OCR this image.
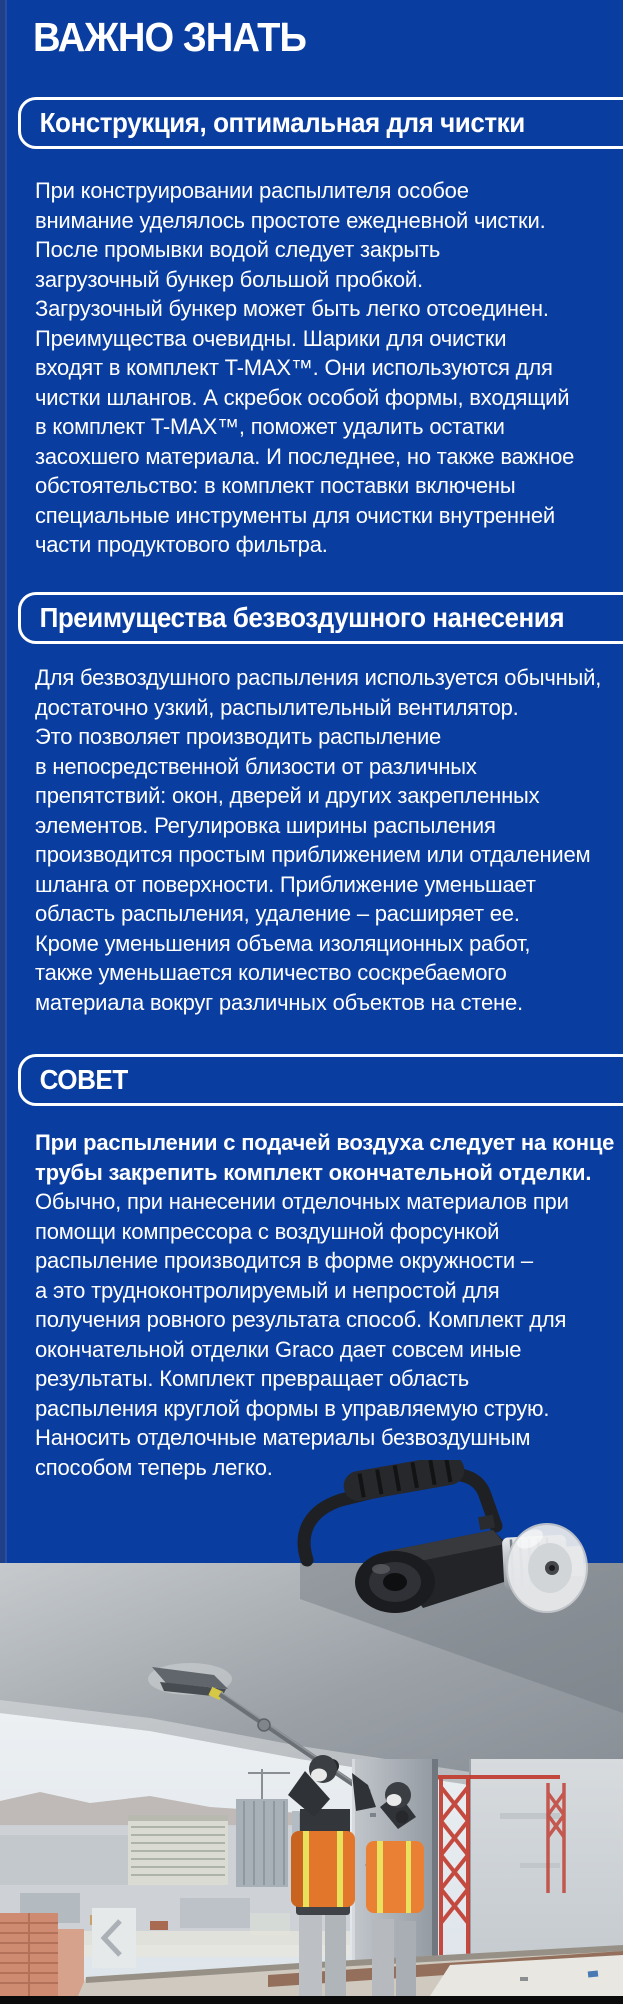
ВАЖНО ЗНАТЬ
Конструкция, оптимальная для чистки
При конструировании распылителя особое
внимание уделялось простоте ежедневной чистки.
После промывки водой следует закрыть
загрузочный бункер большой пробкой.
Загрузочный бункер может быть легко отсоединен.
Преимущества очевидны. Шарики для очистки
входят в комплект T-MAX™. Они используются для
чистки шлангов. А скребок особой формы, входящий
в комплект T-MAX™, поможет удалить остатки
засохшего материала. И последнее, но также важное
обстоятельство: в комплект поставки включены
специальные инструменты для очистки внутренней
части продуктового фильтра.
Преимущества безвоздушного нанесения
Для безвоздушного распыления используется обычный,
достаточно узкий, распылительный вентилятор.
Это позволяет производить распыление
в непосредственной близости от различных
препятствий: окон, дверей и других закрепленных
элементов. Регулировка ширины распыления
производится простым приближением или отдалением
шланга от поверхности. Приближение уменьшает
область распыления, удаление – расширяет ее.
Кроме уменьшения объема изоляционных работ,
также уменьшается количество соскребаемого
материала вокруг различных объектов на стене.
СОВЕТ
При распылении с подачей воздуха следует на конце
трубы закрепить комплект окончательной отделки.
Обычно, при нанесении отделочных материалов при
помощи компрессора с воздушной форсункой
распыление производится в форме окружности –
а это трудноконтролируемый и непростой для
получения ровного результата способ. Комплект для
окончательной отделки Graco дает совсем иные
результаты. Комплект превращает область
распыления круглой формы в управляемую струю.
Наносить отделочные материалы безвоздушным
способом теперь легко.
